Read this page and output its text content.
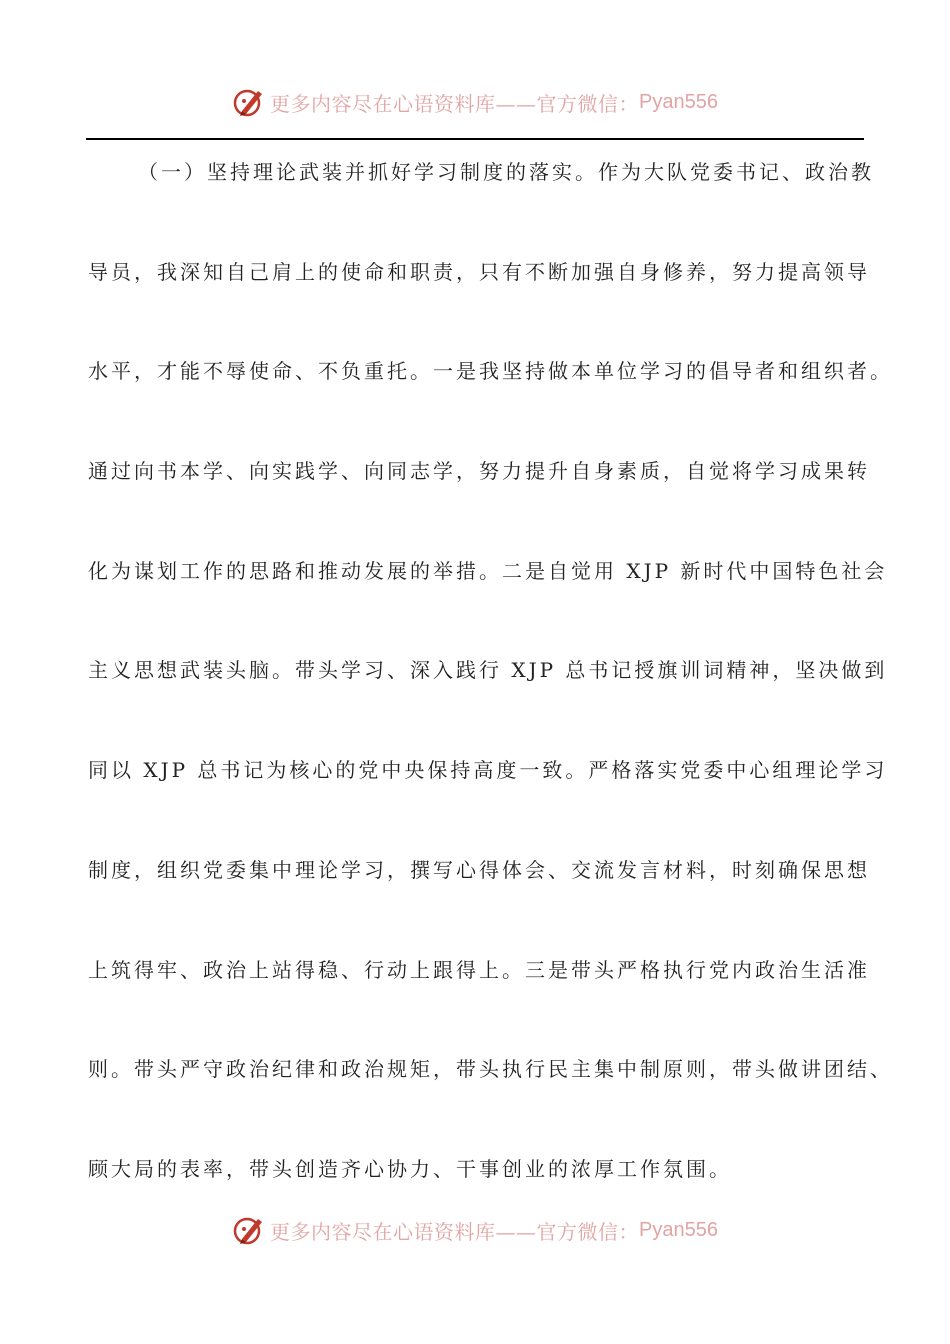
更多内容尽在心语资料库——官方微信： Pyan556
（一）坚持理论武装并抓好学习制度的落实。作为大队党委书记、政治教
导员，我深知自己肩上的使命和职责，只有不断加强自身修养，努力提高领导
水平，才能不辱使命、不负重托。一是我坚持做本单位学习的倡导者和组织者。
通过向书本学、向实践学、向同志学，努力提升自身素质，自觉将学习成果转
化为谋划工作的思路和推动发展的举措。二是自觉用 XJP 新时代中国特色社会
主义思想武装头脑。带头学习、深入践行 XJP 总书记授旗训词精神，坚决做到
同以 XJP 总书记为核心的党中央保持高度一致。严格落实党委中心组理论学习
制度，组织党委集中理论学习，撰写心得体会、交流发言材料，时刻确保思想
上筑得牢、政治上站得稳、行动上跟得上。三是带头严格执行党内政治生活准
则。带头严守政治纪律和政治规矩，带头执行民主集中制原则，带头做讲团结、
顾大局的表率，带头创造齐心协力、干事创业的浓厚工作氛围。
更多内容尽在心语资料库——官方微信： Pyan556
